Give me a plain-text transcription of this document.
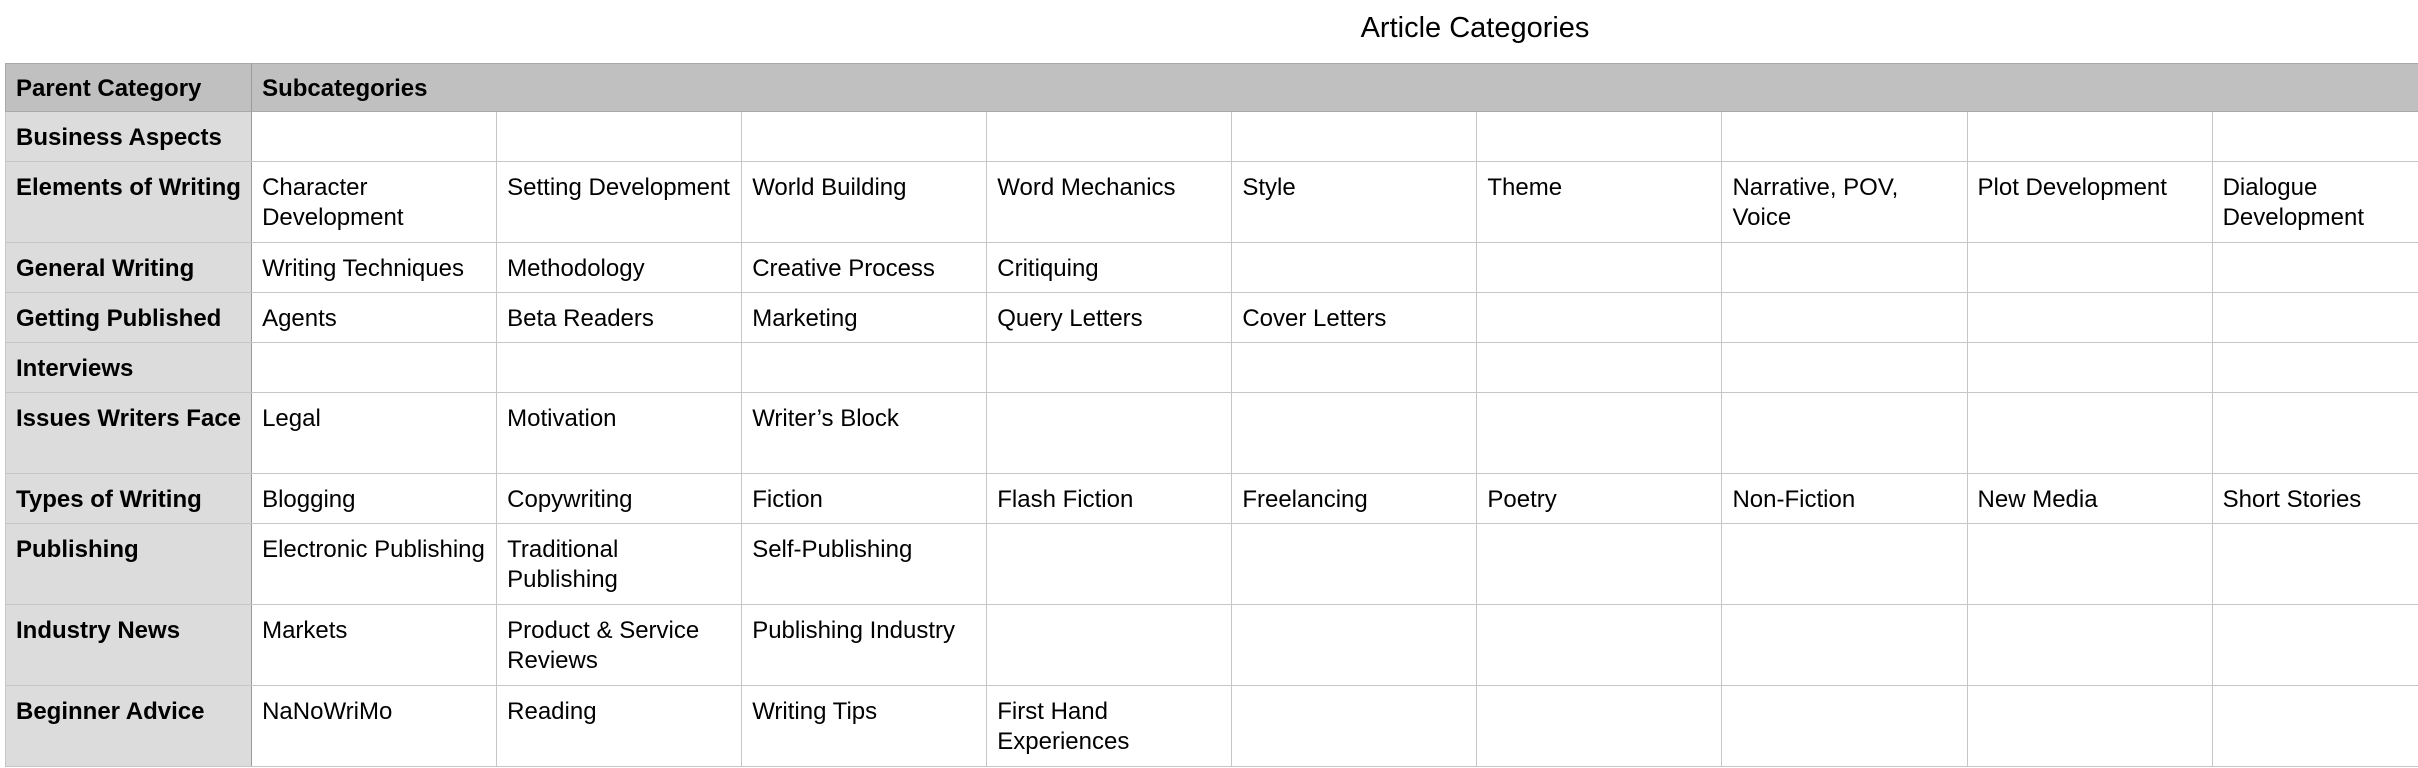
Article Categories
Parent Category	Subcategories									
Business Aspects										
Elements of Writing	Character Development	Setting Development	World Building	Word Mechanics	Style	Theme	Narrative, POV, Voice	Plot Development	Dialogue Development	
General Writing	Writing Techniques	Methodology	Creative Process	Critiquing						
Getting Published	Agents	Beta Readers	Marketing	Query Letters	Cover Letters					
Interviews										
Issues Writers Face	Legal	Motivation	Writer’s Block							
Types of Writing	Blogging	Copywriting	Fiction	Flash Fiction	Freelancing	Poetry	Non-Fiction	New Media	Short Stories	
Publishing	Electronic Publishing	Traditional Publishing	Self-Publishing							
Industry News	Markets	Product & Service Reviews	Publishing Industry							
Beginner Advice	NaNoWriMo	Reading	Writing Tips	First Hand Experiences						
